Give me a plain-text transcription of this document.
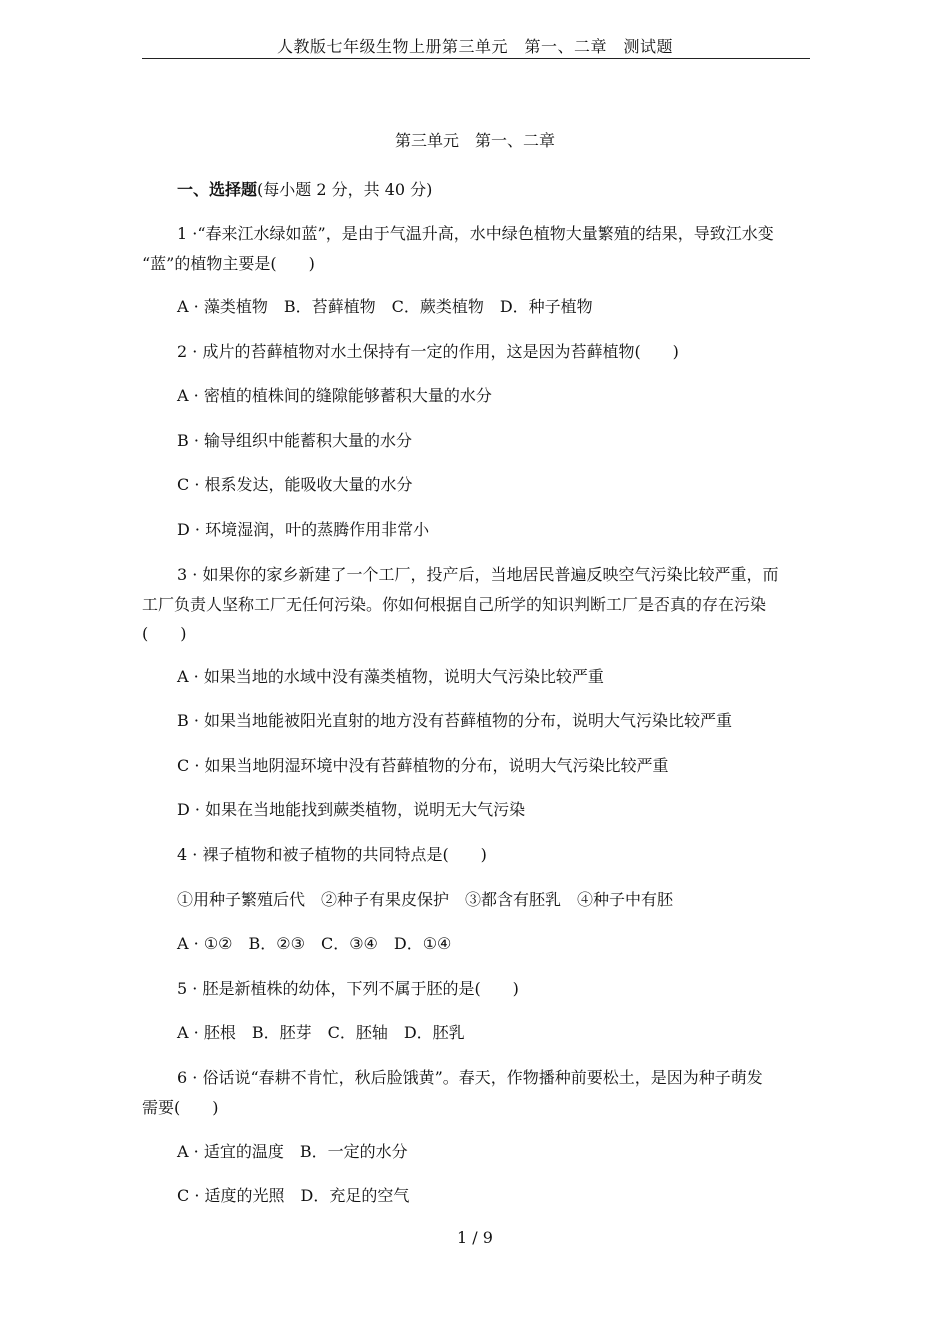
人教版七年级生物上册第三单元　第一、二章　测试题
第三单元　第一、二章
一、选择题(每小题 2 分，共 40 分)
1 ·“春来江水绿如蓝”，是由于气温升高，水中绿色植物大量繁殖的结果，导致江水变
“蓝”的植物主要是(　　)
A · 藻类植物　B．苔藓植物　C．蕨类植物　D．种子植物
2 · 成片的苔藓植物对水土保持有一定的作用，这是因为苔藓植物(　　)
A · 密植的植株间的缝隙能够蓄积大量的水分
B · 输导组织中能蓄积大量的水分
C · 根系发达，能吸收大量的水分
D · 环境湿润，叶的蒸腾作用非常小
3 · 如果你的家乡新建了一个工厂，投产后，当地居民普遍反映空气污染比较严重，而
工厂负责人坚称工厂无任何污染。你如何根据自己所学的知识判断工厂是否真的存在污染
(　　)
A · 如果当地的水域中没有藻类植物，说明大气污染比较严重
B · 如果当地能被阳光直射的地方没有苔藓植物的分布，说明大气污染比较严重
C · 如果当地阴湿环境中没有苔藓植物的分布，说明大气污染比较严重
D · 如果在当地能找到蕨类植物，说明无大气污染
4 · 裸子植物和被子植物的共同特点是(　　)
①用种子繁殖后代　②种子有果皮保护　③都含有胚乳　④种子中有胚
A · ①②　B．②③　C．③④　D．①④
5 · 胚是新植株的幼体，下列不属于胚的是(　　)
A · 胚根　B．胚芽　C．胚轴　D．胚乳
6 · 俗话说“春耕不肯忙，秋后脸饿黄”。春天，作物播种前要松土，是因为种子萌发
需要(　　)
A · 适宜的温度　B．一定的水分
C · 适度的光照　D．充足的空气
1 / 9
